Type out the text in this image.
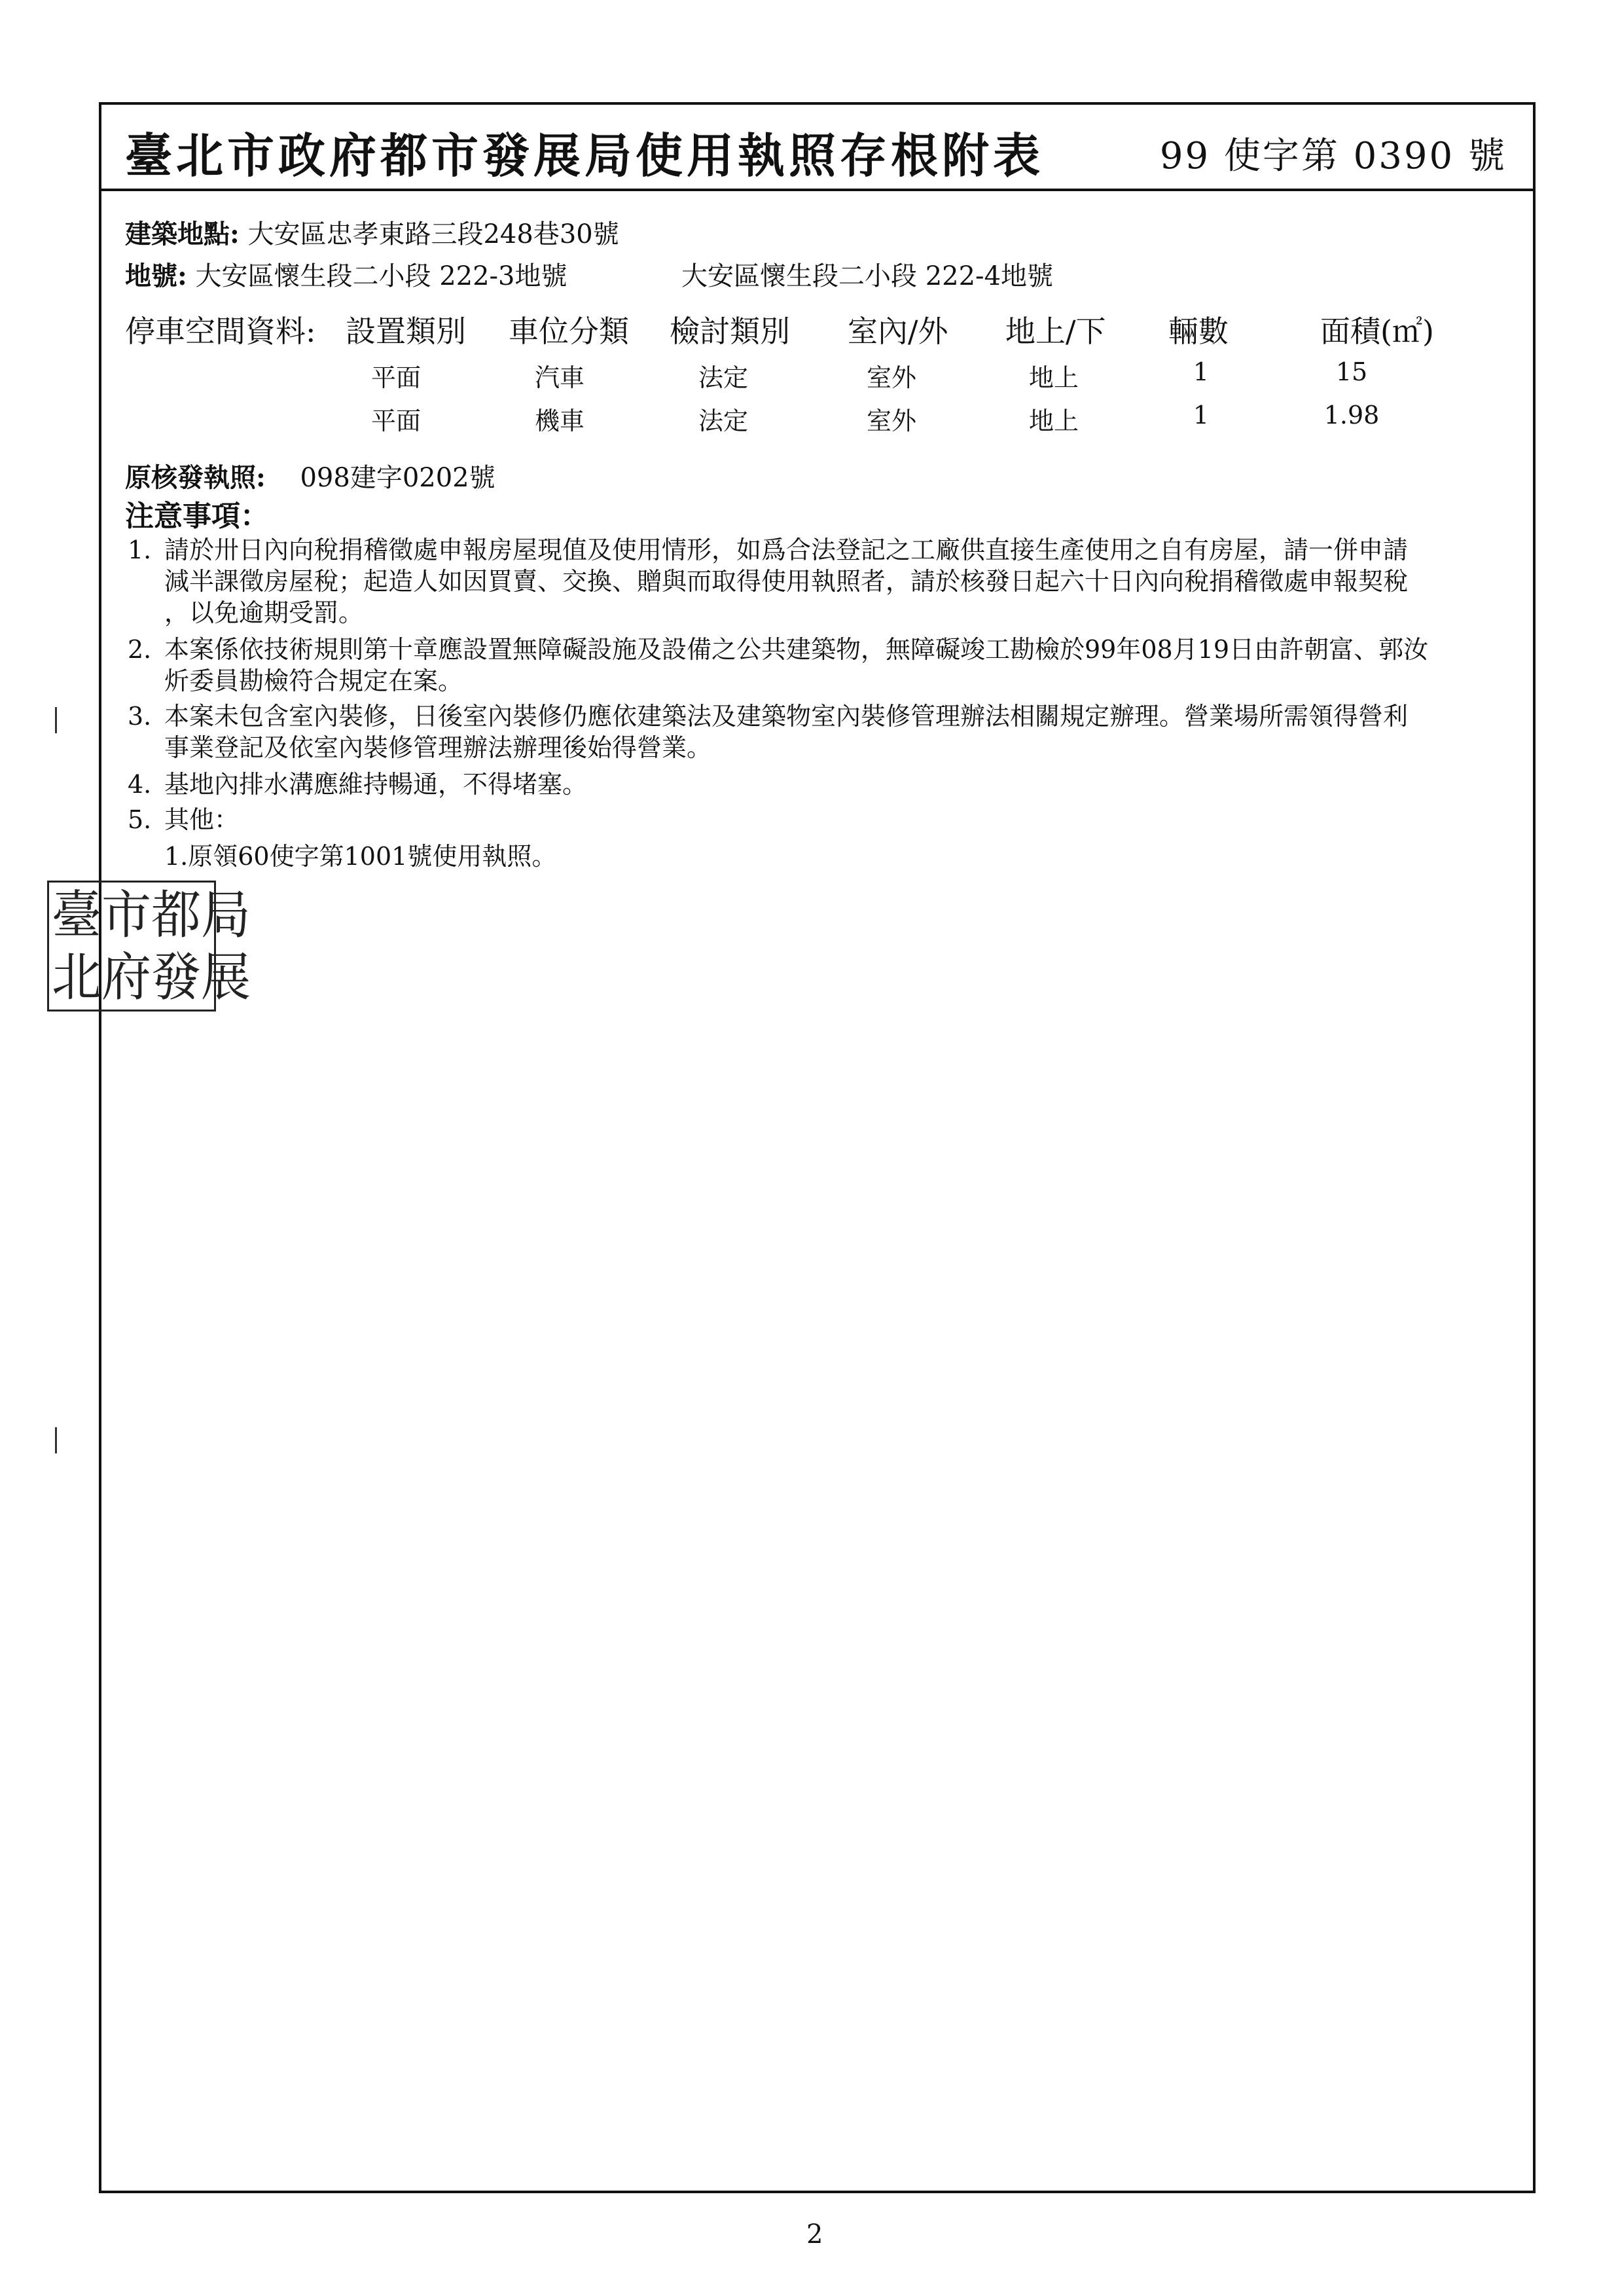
臺北市政府都市發展局使用執照存根附表	99 使字第 0390 號
建築地點: 大安區忠孝東路三段248巷30號
地號: 大安區懷生段二小段 222-3地號	大安區懷生段二小段 222-4地號
停車空間資料: 設置類別 車位分類 檢討類別 室內/外 地上/下 輛數	面積(㎡)
平面	汽車	法定	室外	地上	1	15
平面	機車	法定	室外	地上	1	1.98
原核發執照: 098建字0202號
注意事項：
1. 請於卅日內向稅捐稽徵處申報房屋現值及使用情形，如爲合法登記之工廠供直接生產使用之自有房屋，請一併申請
減半課徵房屋稅；起造人如因買賣、交換、贈與而取得使用執照者，請於核發日起六十日內向稅捐稽徵處申報契稅
，以免逾期受罰。
2. 本案係依技術規則第十章應設置無障礙設施及設備之公共建築物，無障礙竣工勘檢於99年08月19日由許朝富、郭汝
炘委員勘檢符合規定在案。
3. 本案未包含室內裝修，日後室內裝修仍應依建築法及建築物室內裝修管理辦法相關規定辦理。營業場所需領得營利
事業登記及依室內裝修管理辦法辦理後始得營業。
4. 基地內排水溝應維持暢通，不得堵塞。
5. 其他：
1.原領60使字第1001號使用執照。
臺 市 都 局
北 府 發 展
2
